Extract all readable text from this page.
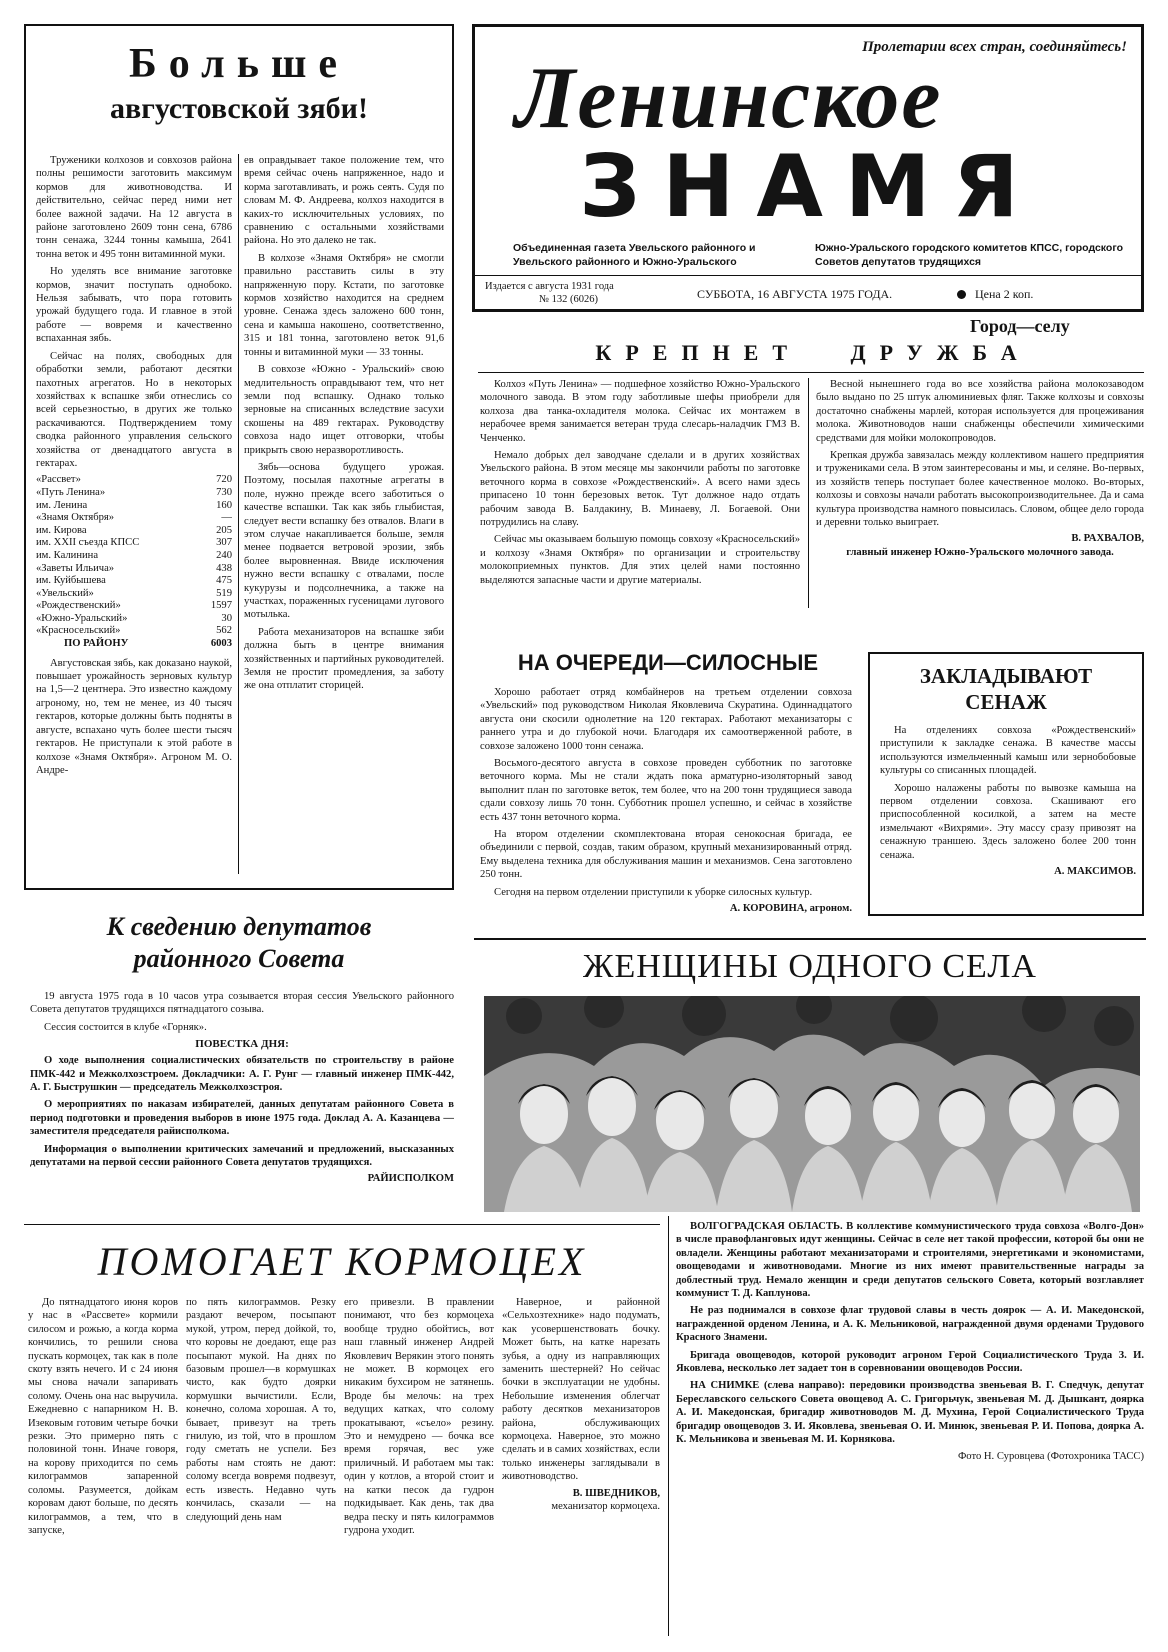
Больше
августовской зяби!

Труженики колхозов и совхозов района полны решимости заготовить максимум кормов для животноводства. И действительно, сейчас перед ними нет более важной задачи. На 12 августа в районе заготовлено 2609 тонн сена, 6786 тонн сенажа, 3244 тонны камыша, 2641 тонна веток и 495 тонн витаминной муки.

Но уделять все внимание заготовке кормов, значит поступать однобоко. Нельзя забывать, что пора готовить урожай будущего года. И главное в этой работе — вовремя и качественно вспаханная зябь.

Сейчас на полях, свободных для обработки земли, работают десятки пахотных агрегатов. Но в некоторых хозяйствах к вспашке зяби отнеслись со всей серьезностью, в других же только раскачиваются. Подтверждением тому сводка районного управления сельского хозяйства от двенадцатого августа в гектарах.

«Рассвет»	720
«Путь Ленина»	730
им. Ленина	160
«Знамя Октября»	—
им. Кирова	205
им. XXII съезда КПСС	307
им. Калинина	240
«Заветы Ильича»	438
им. Куйбышева	475
«Увельский»	519
«Рождественский»	1597
«Южно-Уральский»	30
«Красносельский»	562
ПО РАЙОНУ	6003

Августовская зябь, как доказано наукой, повышает урожайность зерновых культур на 1,5—2 центнера. Это известно каждому агроному, но, тем не менее, из 40 тысяч гектаров, которые должны быть подняты в августе, вспахано чуть более шести тысяч гектаров. Не приступали к этой работе в колхозе «Знамя Октября». Агроном М. О. Андре-

ев оправдывает такое положение тем, что время сейчас очень напряженное, надо и корма заготавливать, и рожь сеять. Судя по словам М. Ф. Андреева, колхоз находится в каких-то исключительных условиях, по сравнению с остальными хозяйствами района. Но это далеко не так.

В колхозе «Знамя Октября» не смогли правильно расставить силы в эту напряженную пору. Кстати, по заготовке кормов хозяйство находится на среднем уровне. Сенажа здесь заложено 600 тонн, сена и камыша накошено, соответственно, 315 и 181 тонна, заготовлено веток 91,6 тонны и витаминной муки — 33 тонны.

В совхозе «Южно - Уральский» свою медлительность оправдывают тем, что нет земли под вспашку. Однако только зерновые на списанных вследствие засухи скошены на 489 гектарах. Руководству совхоза надо ищет отговорки, чтобы прикрыть свою неразворотливость.

Зябь—основа будущего урожая. Поэтому, посылая пахотные агрегаты в поле, нужно прежде всего заботиться о качестве вспашки. Так как зябь глыбистая, следует вести вспашку без отвалов. Влаги в этом случае накапливается больше, земля менее подвается ветровой эрозии, зябь более выровненная. Ввиде исключения нужно вести вспашку с отвалами, после кукурузы и подсолнечника, а также на участках, пораженных гусеницами лугового мотылька.

Работа механизаторов на вспашке зяби должна быть в центре внимания хозяйственных и партийных руководителей. Земля не простит промедления, за заботу же она отплатит сторицей.

Пролетарии всех стран, соединяйтесь!
Ленинское
ЗНАМЯ
Объединенная газета Увельского районного и Увельского районного и Южно-Уральского
Южно-Уральского городского комитетов КПСС, городского Советов депутатов трудящихся
Издается с августа 1931 года
№ 132 (6026)	СУББОТА, 16 АВГУСТА 1975 ГОДА.	Цена 2 коп.
Город—селу
КРЕПНЕТ ДРУЖБА

Колхоз «Путь Ленина» — подшефное хозяйство Южно-Уральского молочного завода. В этом году заботливые шефы приобрели для колхоза два танка-охладителя молока. Сейчас их монтажем в нерабочее время занимается ветеран труда слесарь-наладчик ГМЗ В. Ченченко.

Немало добрых дел заводчане сделали и в других хозяйствах Увельского района. В этом месяце мы закончили работы по заготовке веточного корма в совхозе «Рождественский». А всего нами здесь припасено 10 тонн березовых веток. Тут должное надо отдать рабочим завода В. Балдакину, В. Минаеву, Л. Богаевой. Они потрудились на славу.

Сейчас мы оказываем большую помощь совхозу «Красносельский» и колхозу «Знамя Октября» по организации и строительству молокоприемных пунктов. Для этих целей нами постоянно выделяются запасные части и другие материалы.

Весной нынешнего года во все хозяйства района молокозаводом было выдано по 25 штук алюминиевых фляг. Также колхозы и совхозы достаточно снабжены марлей, которая используется для процеживания молока. Животноводов наши снабженцы обеспечили химическими средствами для мойки молокопроводов.

Крепкая дружба завязалась между коллективом нашего предприятия и тружениками села. В этом заинтересованы и мы, и селяне. Во-первых, из хозяйств теперь поступает более качественное молоко. Во-вторых, колхозы и совхозы начали работать высокопроизводительнее. Да и сама культура производства намного повысилась. Словом, общее дело города и деревни только выиграет.

В. РАХВАЛОВ,
главный инженер Южно-Уральского молочного завода.
НА ОЧЕРЕДИ—СИЛОСНЫЕ

Хорошо работает отряд комбайнеров на третьем отделении совхоза «Увельский» под руководством Николая Яковлевича Скуратина. Одиннадцатого августа они скосили однолетние на 120 гектарах. Работают механизаторы с раннего утра и до глубокой ночи. Благодаря их самоотверженной работе, в совхозе заложено 1000 тонн сенажа.

Восьмого-десятого августа в совхозе проведен субботник по заготовке веточного корма. Мы не стали ждать пока арматурно-изоляторный завод выполнит план по заготовке веток, тем более, что на 200 тонн трудящиеся завода сдали совхозу лишь 70 тонн. Субботник прошел успешно, и сейчас в хозяйстве есть 437 тонн веточного корма.

На втором отделении скомплектована вторая сенокосная бригада, ее объединили с первой, создав, таким образом, крупный механизированный отряд. Ему выделена техника для обслуживания машин и механизмов. Сена заготовлено 250 тонн.

Сегодня на первом отделении приступили к уборке силосных культур.

А. КОРОВИНА, агроном.
ЗАКЛАДЫВАЮТ
СЕНАЖ

На отделениях совхоза «Рождественский» приступили к закладке сенажа. В качестве массы используются измельченный камыш или зернобобовые культуры со списанных площадей.

Хорошо налажены работы по вывозке камыша на первом отделении совхоза. Скашивают его приспособленной косилкой, а затем на месте измельчают «Вихрями». Эту массу сразу привозят на сенажную траншею. Здесь заложено более 200 тонн сенажа.

А. МАКСИМОВ.
К сведению депутатов
районного Совета

19 августа 1975 года в 10 часов утра созывается вторая сессия Увельского районного Совета депутатов трудящихся пятнадцатого созыва.

Сессия состоится в клубе «Горняк».

ПОВЕСТКА ДНЯ:

О ходе выполнения социалистических обязательств по строительству в районе ПМК-442 и Межколхозстроем. Докладчики: А. Г. Рунг — главный инженер ПМК-442, А. Г. Быструшкин — председатель Межколхозстроя.

О мероприятиях по наказам избирателей, данных депутатам районного Совета в период подготовки и проведения выборов в июне 1975 года. Доклад А. А. Казанцева — заместителя председателя райисполкома.

Информация о выполнении критических замечаний и предложений, высказанных депутатами на первой сессии районного Совета депутатов трудящихся.

РАЙИСПОЛКОМ
ЖЕНЩИНЫ ОДНОГО СЕЛА

ВОЛГОГРАДСКАЯ ОБЛАСТЬ. В коллективе коммунистического труда совхоза «Волго-Дон» в числе правофланговых идут женщины. Сейчас в селе нет такой профессии, которой бы они не овладели. Женщины работают механизаторами и строителями, энергетиками и экономистами, овощеводами и животноводами. Многие из них имеют правительственные награды за доблестный труд. Немало женщин и среди депутатов сельского Совета, который возглавляет коммунист Т. Д. Каплунова.

Не раз поднимался в совхозе флаг трудовой славы в честь доярок — А. И. Македонской, награжденной орденом Ленина, и А. К. Мельниковой, награжденной двумя орденами Трудового Красного Знамени.

Бригада овощеводов, которой руководит агроном Герой Социалистического Труда З. И. Яковлева, несколько лет задает тон в соревновании овощеводов России.

НА СНИМКЕ (слева направо): передовики производства звеньевая В. Г. Спедчук, депутат Береславского сельского Совета овощевод А. С. Григорьчук, звеньевая М. Д. Дышкант, доярка А. И. Македонская, бригадир животноводов М. Д. Мухина, Герой Социалистического Труда бригадир овощеводов З. И. Яковлева, звеньевая О. И. Минюк, звеньевая Р. И. Попова, доярка А. К. Мельникова и звеньевая М. И. Корнякова.

Фото Н. Суровцева (Фотохроника ТАСС)
ПОМОГАЕТ КОРМОЦЕХ

До пятнадцатого июня коров у нас в «Рассвете» кормили силосом и рожью, а когда корма кончились, то решили снова пускать кормоцех, так как в поле скоту взять нечего. И с 24 июня мы снова начали запаривать солому. Очень она нас выручила. Ежедневно с напарником Н. В. Изековым готовим четыре бочки резки. Это примерно пять с половиной тонн. Иначе говоря, на корову приходится по семь килограммов запаренной соломы. Разумеется, дойкам коровам дают больше, по десять килограммов, а тем, что в запуске,

по пять килограммов. Резку раздают вечером, посыпают мукой, утром, перед дойкой, то, что коровы не доедают, еще раз посыпают мукой. На днях по базовым прошел—в кормушках чисто, как будто доярки кормушки вычистили. Если, конечно, солома хорошая. А то, бывает, привезут на треть гнилую, из той, что в прошлом году сметать не успели. Без работы нам стоять не дают: солому всегда вовремя подвезут, есть известь. Недавно чуть кончилась, сказали — на следующий день нам

его привезли. В правлении понимают, что без кормоцеха вообще трудно обойтись, вот наш главный инженер Андрей Яковлевич Верякин этого понять не может. В кормоцех его никаким бухсиром не затянешь. Вроде бы мелочь: на трех ведущих катках, что солому прокатывают, «съело» резину. Это и немудрено — бочка все время горячая, вес уже приличный. И работаем мы так: один у котлов, а второй стоит и на катки песок да гудрон подкидывает. Как день, так два ведра песку и пять килограммов гудрона уходит.

Наверное, и районной «Сельхозтехнике» надо подумать, как усовершенствовать бочку. Может быть, на катке нарезать зубья, а одну из направляющих заменить шестерней? Но сейчас бочки в эксплуатации не удобны. Небольшие изменения облегчат работу десятков механизаторов района, обслуживающих кормоцеха. Наверное, это можно сделать и в самих хозяйствах, если только инженеры заглядывали в животноводство.

В. ШВЕДНИКОВ,
механизатор кормоцеха.
